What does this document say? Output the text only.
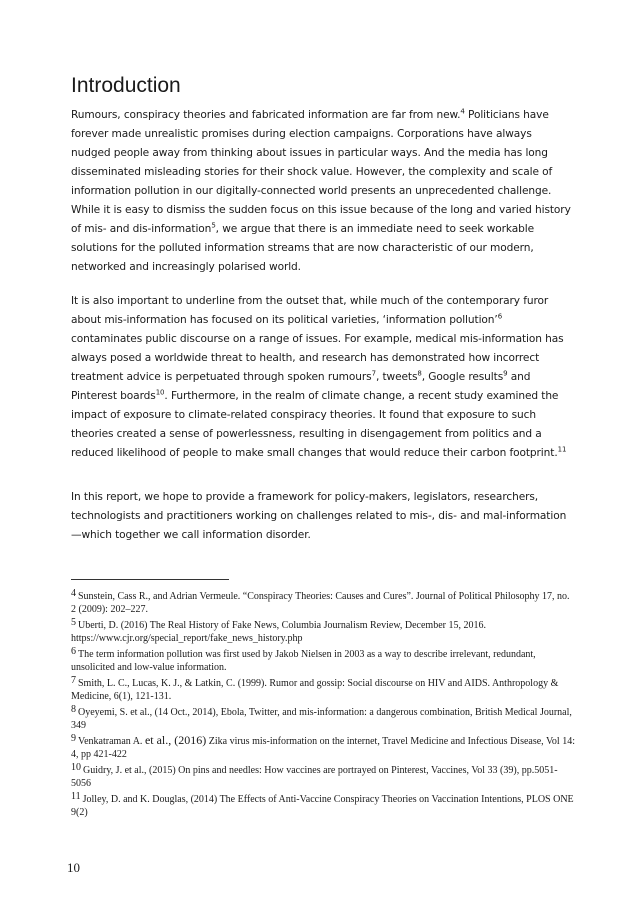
Introduction

Rumours, conspiracy theories and fabricated information are far from new.$^4$ Politicians have forever made unrealistic promises during election campaigns. Corporations have always nudged people away from thinking about issues in particular ways. And the media has long disseminated misleading stories for their shock value. However, the complexity and scale of information pollution in our digitally-connected world presents an unprecedented challenge. While it is easy to dismiss the sudden focus on this issue because of the long and varied history of mis- and dis-information$^5$, we argue that there is an immediate need to seek workable solutions for the polluted information streams that are now characteristic of our modern, networked and increasingly polarised world.

It is also important to underline from the outset that, while much of the contemporary furor about mis-information has focused on its political varieties, ‘information pollution’$^6$ contaminates public discourse on a range of issues. For example, medical mis-information has always posed a worldwide threat to health, and research has demonstrated how incorrect treatment advice is perpetuated through spoken rumours$^7$, tweets$^8$, Google results$^9$ and Pinterest boards$^{10}$. Furthermore, in the realm of climate change, a recent study examined the impact of exposure to climate-related conspiracy theories. It found that exposure to such theories created a sense of powerlessness, resulting in disengagement from politics and a reduced likelihood of people to make small changes that would reduce their carbon footprint.$^{11}$

In this report, we hope to provide a framework for policy-makers, legislators, researchers, technologists and practitioners working on challenges related to mis-, dis- and mal-information—which together we call information disorder.

4 Sunstein, Cass R., and Adrian Vermeule. “Conspiracy Theories: Causes and Cures”. Journal of Political Philosophy 17, no. 2 (2009): 202–227.

5 Uberti, D. (2016) The Real History of Fake News, Columbia Journalism Review, December 15, 2016. https://www.cjr.org/special_report/fake_news_history.php

6 The term information pollution was first used by Jakob Nielsen in 2003 as a way to describe irrelevant, redundant, unsolicited and low-value information.

7 Smith, L. C., Lucas, K. J., & Latkin, C. (1999). Rumor and gossip: Social discourse on HIV and AIDS. Anthropology & Medicine, 6(1), 121-131.

8 Oyeyemi, S. et al., (14 Oct., 2014), Ebola, Twitter, and mis-information: a dangerous combination, British Medical Journal, 349

9 Venkatraman A. et al., (2016) Zika virus mis-information on the internet, Travel Medicine and Infectious Disease, Vol 14: 4, pp 421-422

10 Guidry, J. et al., (2015) On pins and needles: How vaccines are portrayed on Pinterest, Vaccines, Vol 33 (39), pp.5051-5056

11 Jolley, D. and K. Douglas, (2014) The Effects of Anti-Vaccine Conspiracy Theories on Vaccination Intentions, PLOS ONE 9(2)

10
